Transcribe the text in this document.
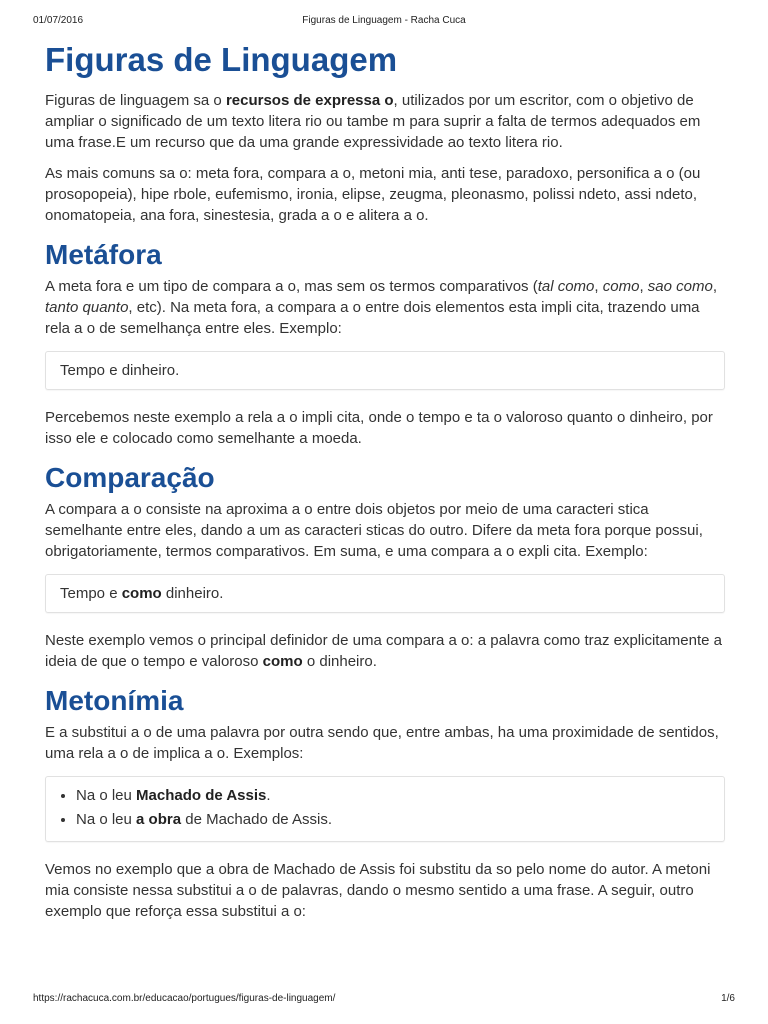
01/07/2016	Figuras de Linguagem - Racha Cuca
Figuras de Linguagem

Figuras de linguagem sa o recursos de expressa o, utilizados por um escritor, com o objetivo de ampliar o significado de um texto litera rio ou tambe m para suprir a falta de termos adequados em uma frase.E um recurso que da uma grande expressividade ao texto litera rio.

As mais comuns sa o: meta fora, compara a o, metoni mia, anti tese, paradoxo, personifica a o (ou prosopopeia), hipe rbole, eufemismo, ironia, elipse, zeugma, pleonasmo, polissi ndeto, assi ndeto, onomatopeia, ana fora, sinestesia, grada a o e alitera a o.

Metáfora

A meta fora e um tipo de compara a o, mas sem os termos comparativos (tal como, como, sao como, tanto quanto, etc). Na meta fora, a compara a o entre dois elementos esta impli cita, trazendo uma rela a o de semelhança entre eles. Exemplo:

Tempo e dinheiro.

Percebemos neste exemplo a rela a o impli cita, onde o tempo e ta o valoroso quanto o dinheiro, por isso ele e colocado como semelhante a moeda.

Comparação

A compara a o consiste na aproxima a o entre dois objetos por meio de uma caracteri stica semelhante entre eles, dando a um as caracteri sticas do outro. Difere da meta fora porque possui, obrigatoriamente, termos comparativos. Em suma, e uma compara a o expli cita. Exemplo:

Tempo e como dinheiro.

Neste exemplo vemos o principal definidor de uma compara a o: a palavra como traz explicitamente a ideia de que o tempo e valoroso como o dinheiro.

Metonímia

E a substitui a o de uma palavra por outra sendo que, entre ambas, ha uma proximidade de sentidos, uma rela a o de implica a o. Exemplos:

• Na o leu Machado de Assis.
• Na o leu a obra de Machado de Assis.

Vemos no exemplo que a obra de Machado de Assis foi substitu da so pelo nome do autor. A metoni mia consiste nessa substitui a o de palavras, dando o mesmo sentido a uma frase. A seguir, outro exemplo que reforça essa substitui a o:

https://rachacuca.com.br/educacao/portugues/figuras-de-linguagem/	1/6
